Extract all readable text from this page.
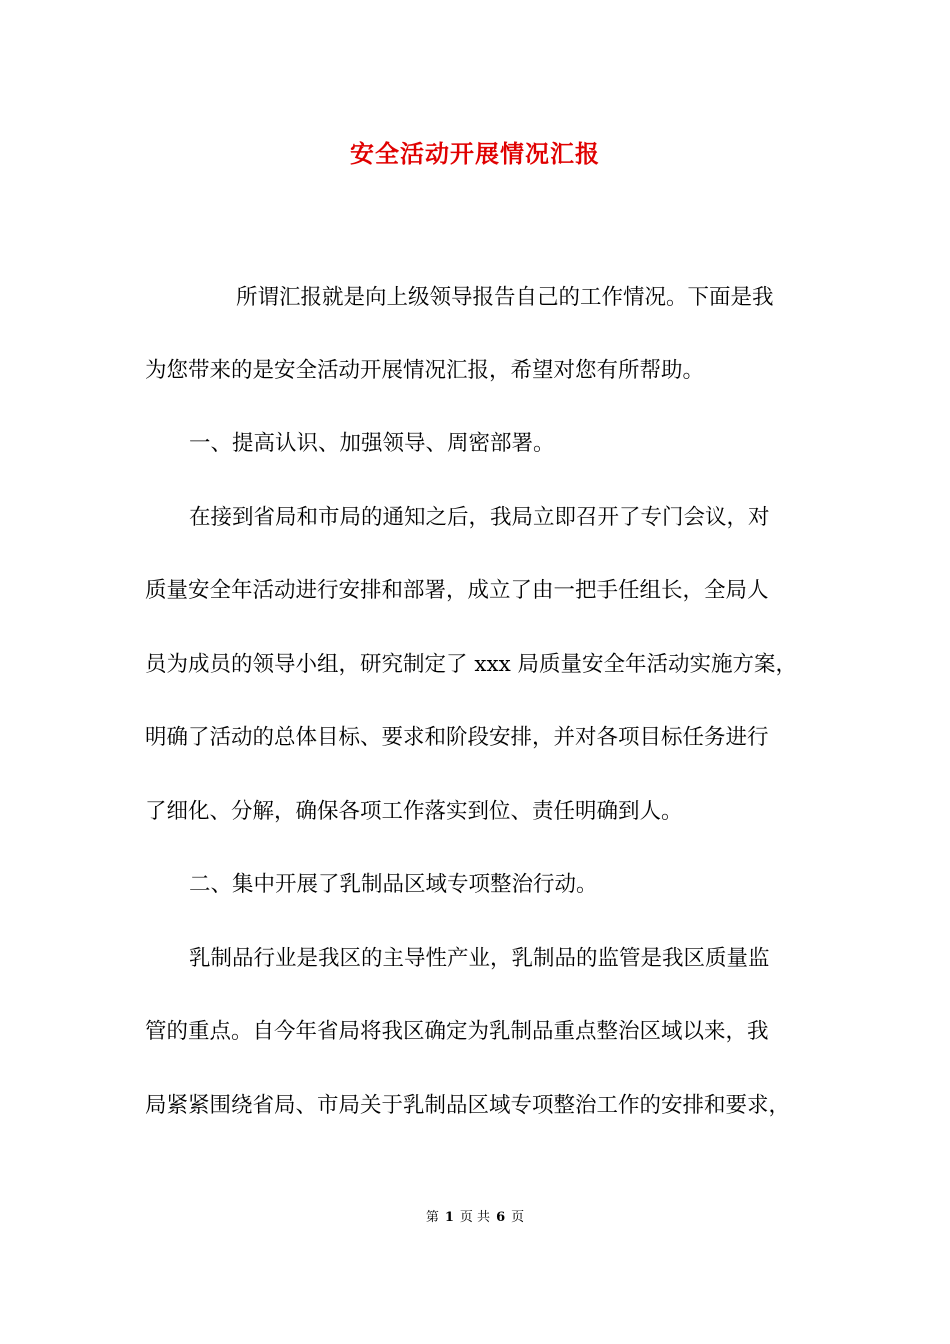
安全活动开展情况汇报
所谓汇报就是向上级领导报告自己的工作情况。下面是我
为您带来的是安全活动开展情况汇报，希望对您有所帮助。
一、提高认识、加强领导、周密部署。
在接到省局和市局的通知之后，我局立即召开了专门会议，对
质量安全年活动进行安排和部署，成立了由一把手任组长，全局人
员为成员的领导小组，研究制定了 xxx 局质量安全年活动实施方案，
明确了活动的总体目标、要求和阶段安排，并对各项目标任务进行
了细化、分解，确保各项工作落实到位、责任明确到人。
二、集中开展了乳制品区域专项整治行动。
乳制品行业是我区的主导性产业，乳制品的监管是我区质量监
管的重点。自今年省局将我区确定为乳制品重点整治区域以来，我
局紧紧围绕省局、市局关于乳制品区域专项整治工作的安排和要求，
第 1 页 共 6 页
